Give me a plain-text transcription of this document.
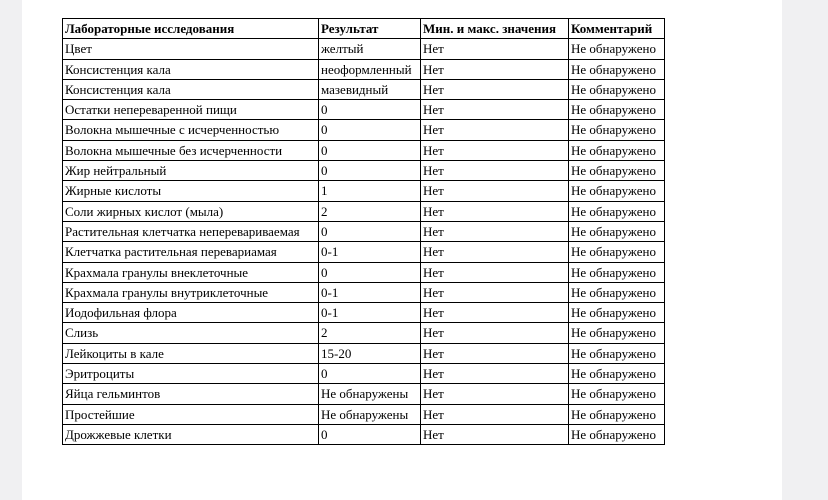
Лабораторные исследования	Результат	Мин. и макс. значения	Комментарий
Цвет	желтый	Нет	Не обнаружено
Консистенция кала	неоформленный	Нет	Не обнаружено
Консистенция кала	мазевидный	Нет	Не обнаружено
Остатки непереваренной пищи	0	Нет	Не обнаружено
Волокна мышечные с исчерченностью	0	Нет	Не обнаружено
Волокна мышечные без исчерченности	0	Нет	Не обнаружено
Жир нейтральный	0	Нет	Не обнаружено
Жирные кислоты	1	Нет	Не обнаружено
Соли жирных кислот (мыла)	2	Нет	Не обнаружено
Растительная клетчатка неперевариваемая	0	Нет	Не обнаружено
Клетчатка растительная перевариамая	0-1	Нет	Не обнаружено
Крахмала гранулы внеклеточные	0	Нет	Не обнаружено
Крахмала гранулы внутриклеточные	0-1	Нет	Не обнаружено
Иодофильная флора	0-1	Нет	Не обнаружено
Слизь	2	Нет	Не обнаружено
Лейкоциты в кале	15-20	Нет	Не обнаружено
Эритроциты	0	Нет	Не обнаружено
Яйца гельминтов	Не обнаружены	Нет	Не обнаружено
Простейшие	Не обнаружены	Нет	Не обнаружено
Дрожжевые клетки	0	Нет	Не обнаружено
